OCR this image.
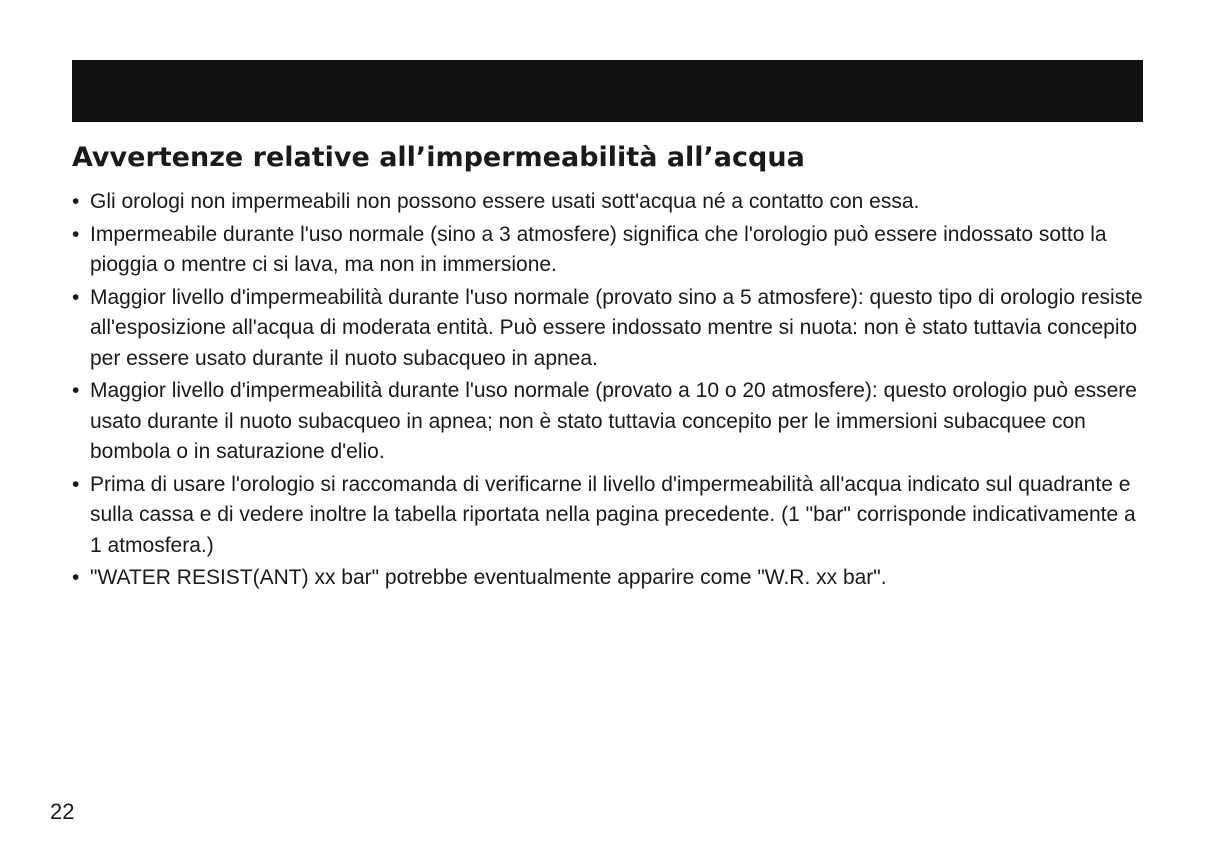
Avvertenze relative all’impermeabilità all’acqua
• Gli orologi non impermeabili non possono essere usati sott'acqua né a contatto con essa.
• Impermeabile durante l'uso normale (sino a 3 atmosfere) significa che l'orologio può essere indossato sotto la pioggia o mentre ci si lava, ma non in immersione.
• Maggior livello d'impermeabilità durante l'uso normale (provato sino a 5 atmosfere): questo tipo di orologio resiste all'esposizione all'acqua di moderata entità. Può essere indossato mentre si nuota: non è stato tuttavia concepito per essere usato durante il nuoto subacqueo in apnea.
• Maggior livello d'impermeabilità durante l'uso normale (provato a 10 o 20 atmosfere): questo orologio può essere usato durante il nuoto subacqueo in apnea; non è stato tuttavia concepito per le immersioni subacquee con bombola o in saturazione d'elio.
• Prima di usare l'orologio si raccomanda di verificarne il livello d'impermeabilità all'acqua indicato sul quadrante e sulla cassa e di vedere inoltre la tabella riportata nella pagina precedente. (1 "bar" corrisponde indicativamente a 1 atmosfera.)
• "WATER RESIST(ANT) xx bar" potrebbe eventualmente apparire come "W.R. xx bar".
22
